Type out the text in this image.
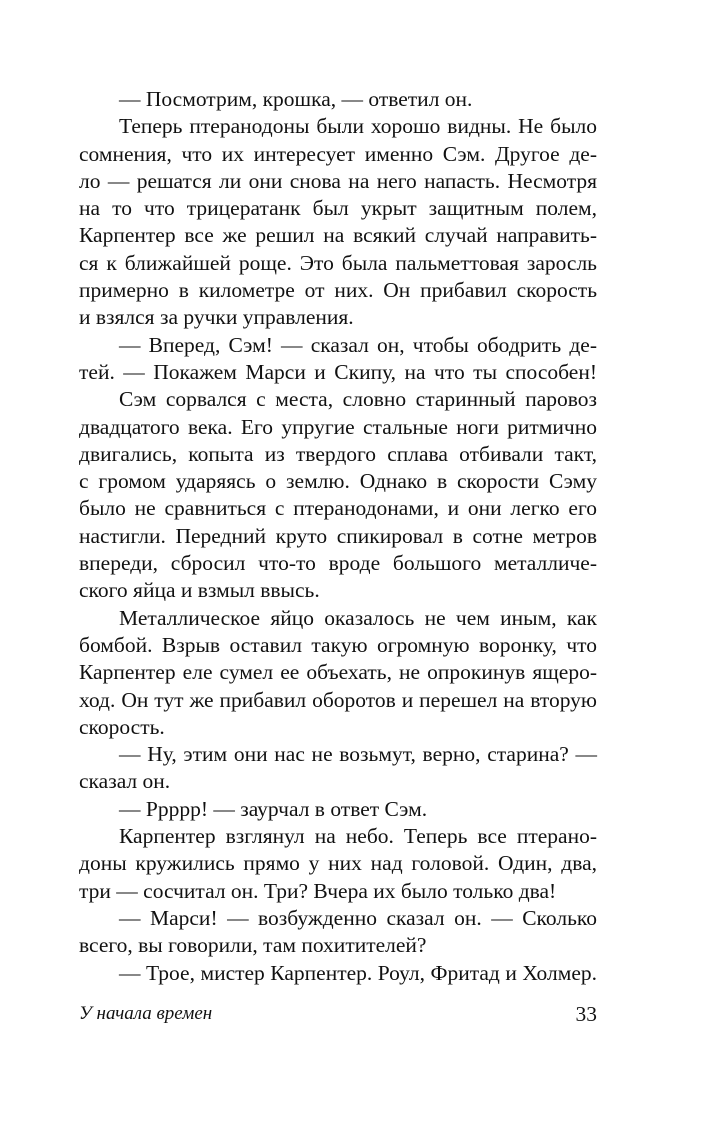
— Посмотрим, крошка, — ответил он.
Теперь птеранодоны были хорошо видны. Не было
сомнения, что их интересует именно Сэм. Другое де-
ло — решатся ли они снова на него напасть. Несмотря
на то что трицератанк был укрыт защитным полем,
Карпентер все же решил на всякий случай направить-
ся к ближайшей роще. Это была пальметтовая заросль
примерно в километре от них. Он прибавил скорость
и взялся за ручки управления.
— Вперед, Сэм! — сказал он, чтобы ободрить де-
тей. — Покажем Марси и Скипу, на что ты способен!
Сэм сорвался с места, словно старинный паровоз
двадцатого века. Его упругие стальные ноги ритмично
двигались, копыта из твердого сплава отбивали такт,
с громом ударяясь о землю. Однако в скорости Сэму
было не сравниться с птеранодонами, и они легко его
настигли. Передний круто спикировал в сотне метров
впереди, сбросил что-то вроде большого металличе-
ского яйца и взмыл ввысь.
Металлическое яйцо оказалось не чем иным, как
бомбой. Взрыв оставил такую огромную воронку, что
Карпентер еле сумел ее объехать, не опрокинув ящеро-
ход. Он тут же прибавил оборотов и перешел на вторую
скорость.
— Ну, этим они нас не возьмут, верно, старина? —
сказал он.
— Ррррр! — заурчал в ответ Сэм.
Карпентер взглянул на небо. Теперь все птерано-
доны кружились прямо у них над головой. Один, два,
три — сосчитал он. Три? Вчера их было только два!
— Марси! — возбужденно сказал он. — Сколько
всего, вы говорили, там похитителей?
— Трое, мистер Карпентер. Роул, Фритад и Холмер.
У начала времен	33
